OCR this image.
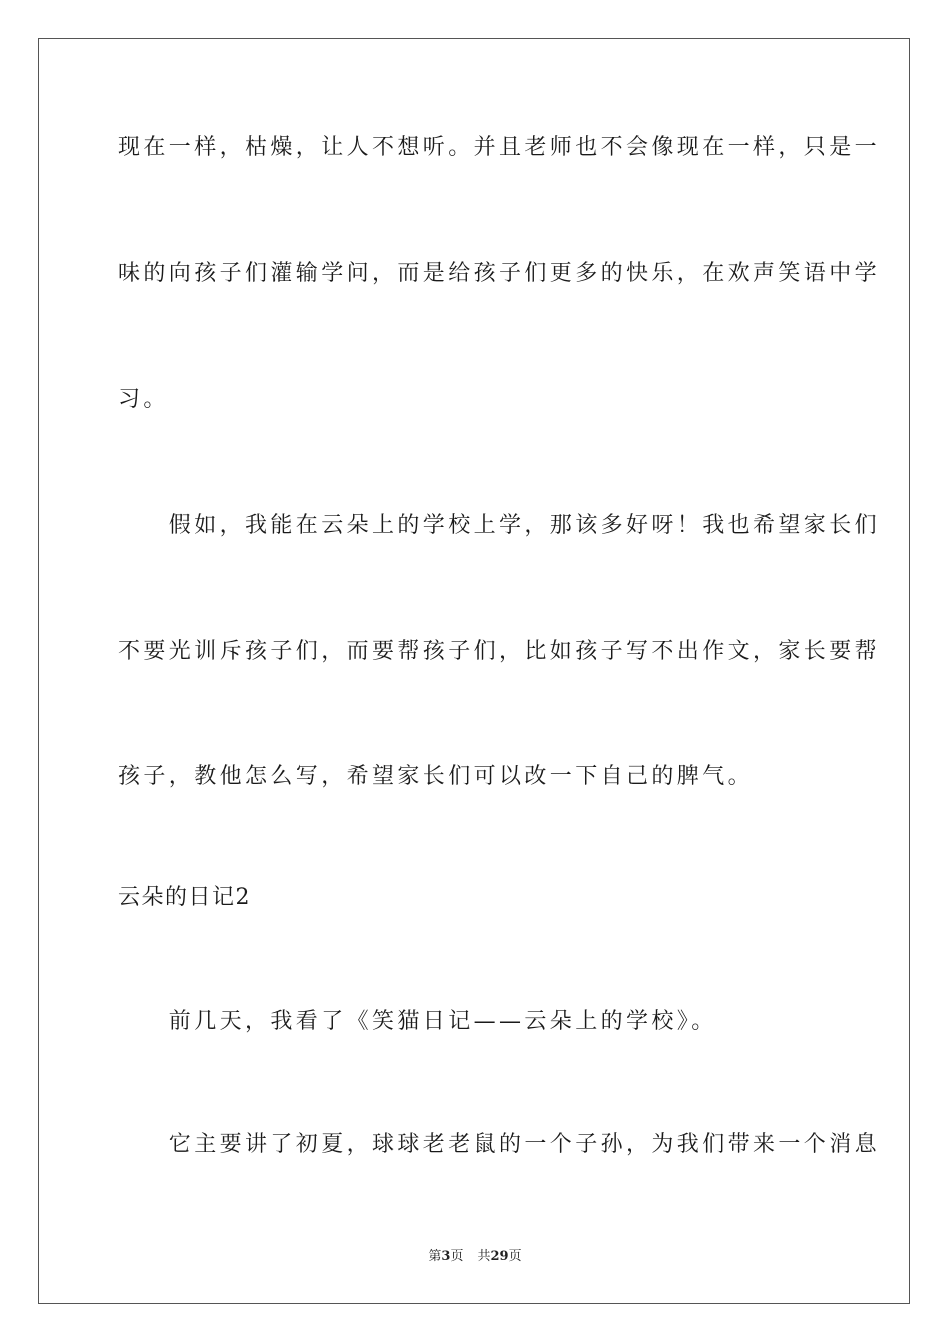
现在一样，枯燥，让人不想听。并且老师也不会像现在一样，只是一
味的向孩子们灌输学问，而是给孩子们更多的快乐，在欢声笑语中学
习。
　　假如，我能在云朵上的学校上学，那该多好呀！我也希望家长们
不要光训斥孩子们，而要帮孩子们，比如孩子写不出作文，家长要帮
孩子，教他怎么写，希望家长们可以改一下自己的脾气。
云朵的日记2
　　前几天，我看了《笑猫日记——云朵上的学校》。
　　它主要讲了初夏，球球老老鼠的一个子孙，为我们带来一个消息
第3页 共29页
